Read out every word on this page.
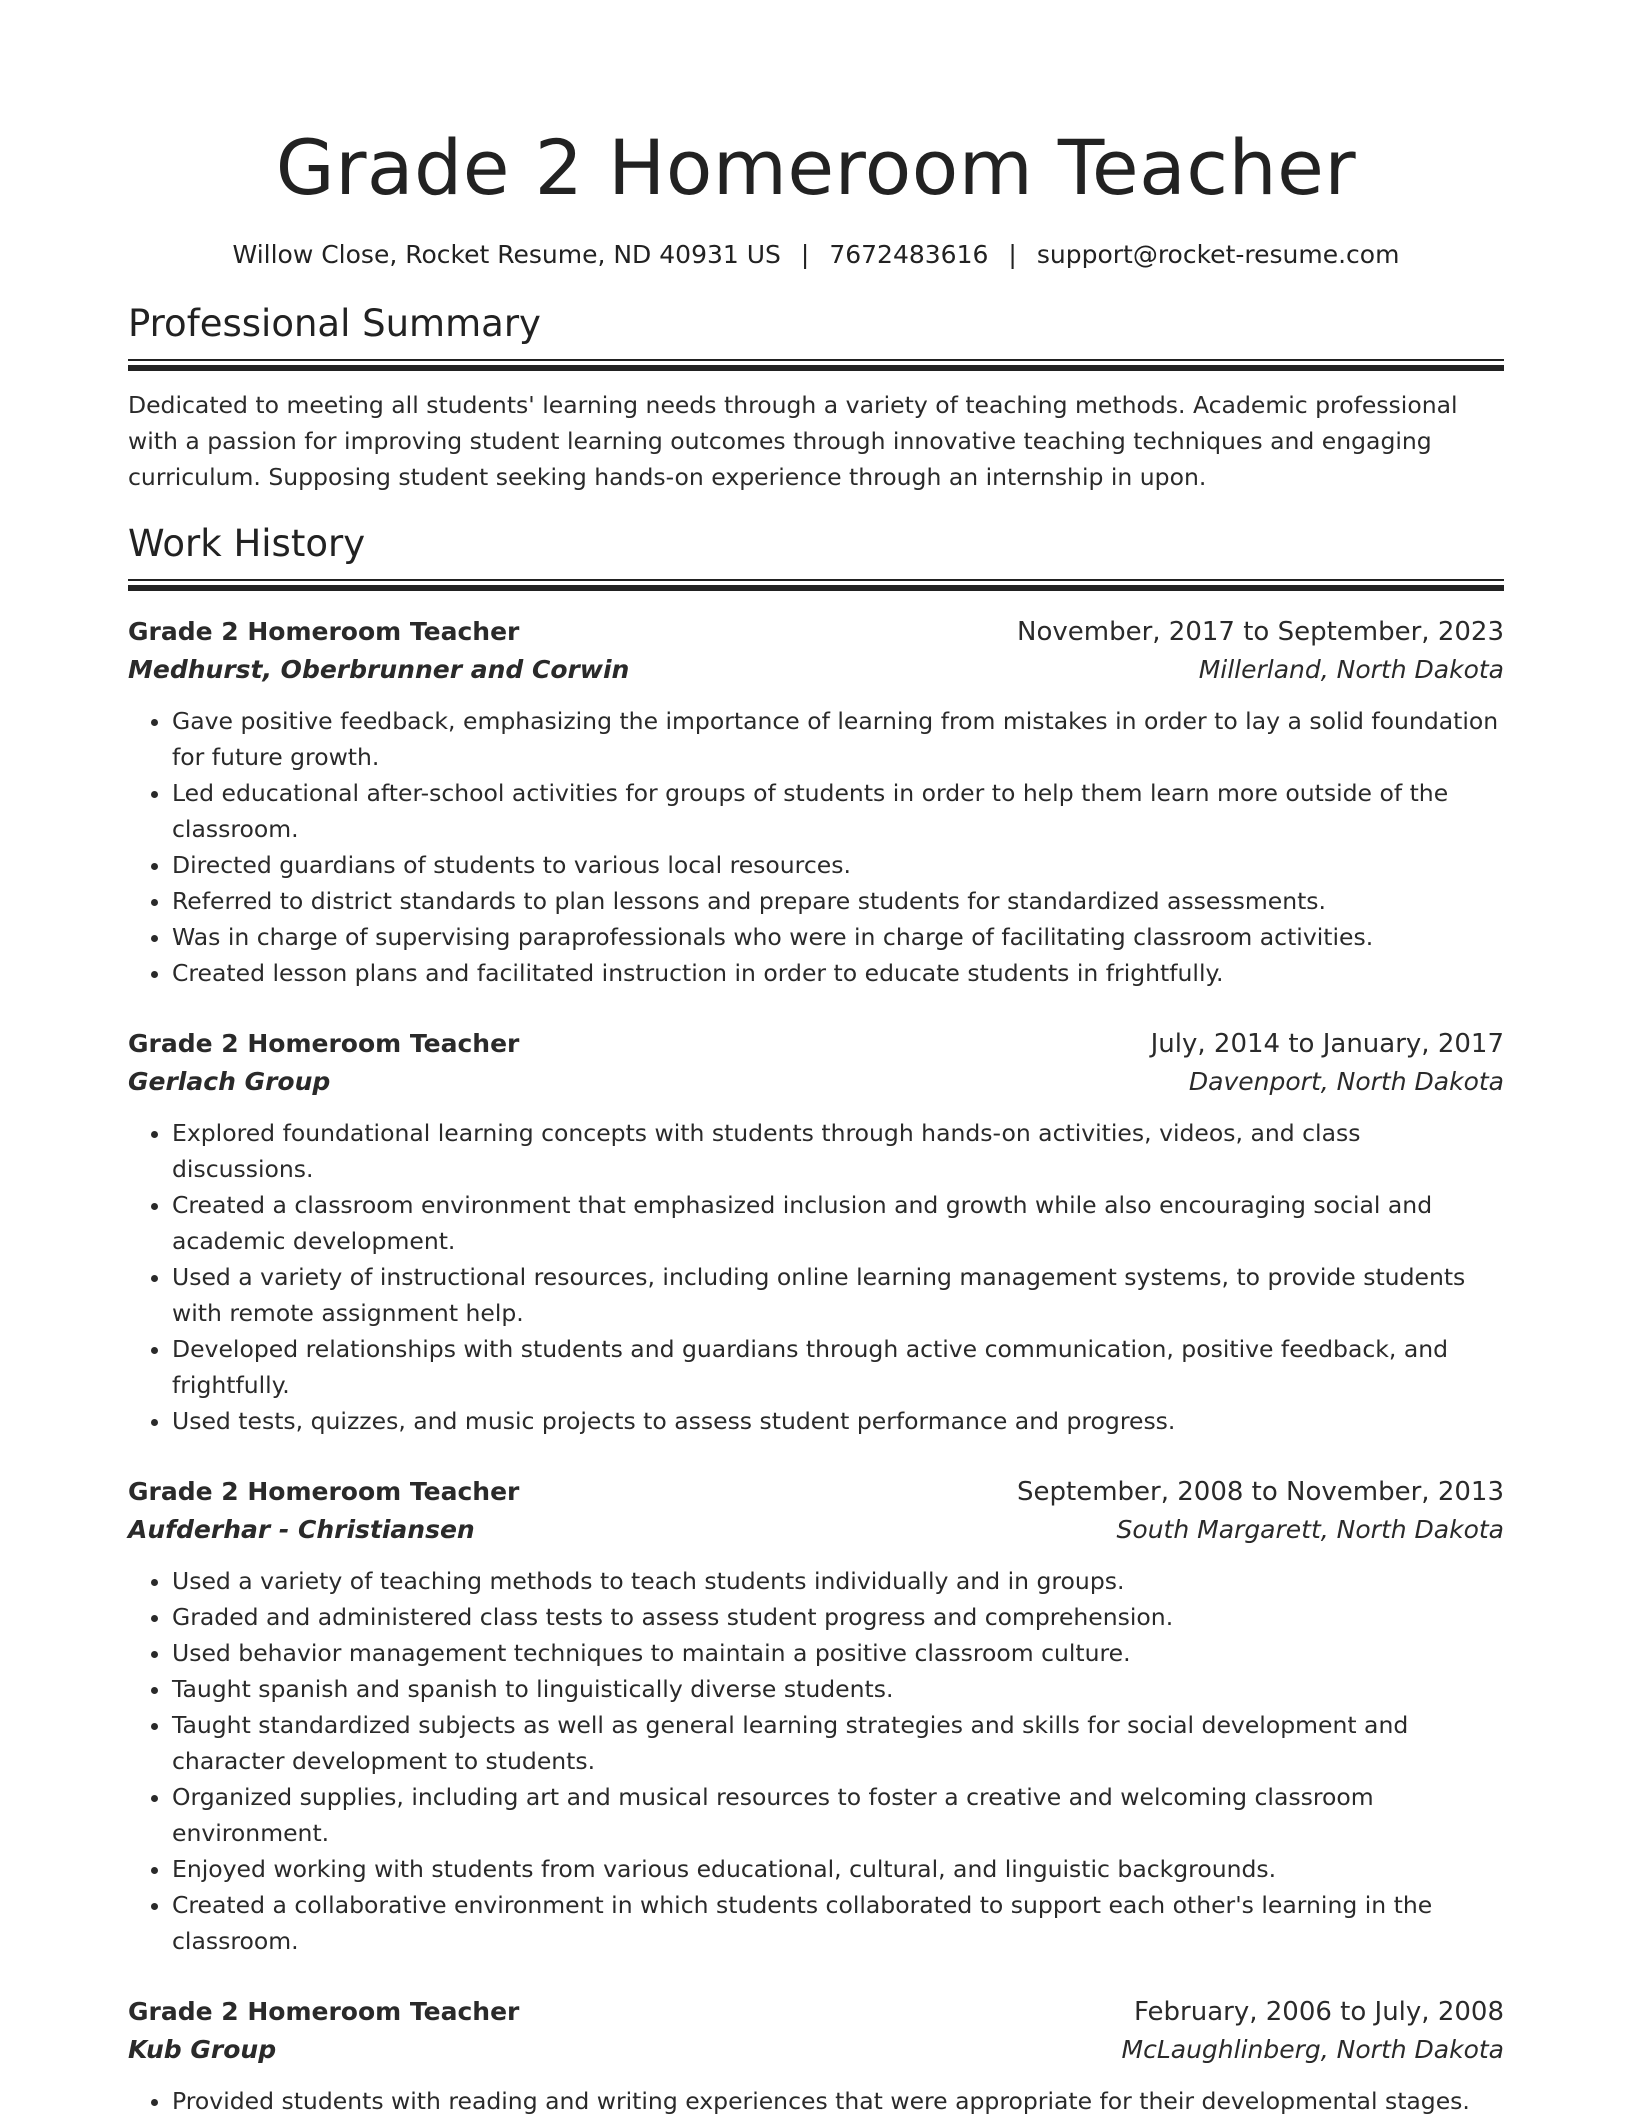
Grade 2 Homeroom Teacher
Willow Close, Rocket Resume, ND 40931 US | 7672483616 | support@rocket-resume.com
Professional Summary

Dedicated to meeting all students' learning needs through a variety of teaching methods. Academic professional with a passion for improving student learning outcomes through innovative teaching techniques and engaging curriculum. Supposing student seeking hands-on experience through an internship in upon.

Work History
Grade 2 Homeroom Teacher	November, 2017 to September, 2023
Medhurst, Oberbrunner and Corwin	Millerland, North Dakota
• Gave positive feedback, emphasizing the importance of learning from mistakes in order to lay a solid foundation for future growth.
• Led educational after-school activities for groups of students in order to help them learn more outside of the classroom.
• Directed guardians of students to various local resources.
• Referred to district standards to plan lessons and prepare students for standardized assessments.
• Was in charge of supervising paraprofessionals who were in charge of facilitating classroom activities.
• Created lesson plans and facilitated instruction in order to educate students in frightfully.
Grade 2 Homeroom Teacher	July, 2014 to January, 2017
Gerlach Group	Davenport, North Dakota
• Explored foundational learning concepts with students through hands-on activities, videos, and class discussions.
• Created a classroom environment that emphasized inclusion and growth while also encouraging social and academic development.
• Used a variety of instructional resources, including online learning management systems, to provide students with remote assignment help.
• Developed relationships with students and guardians through active communication, positive feedback, and frightfully.
• Used tests, quizzes, and music projects to assess student performance and progress.
Grade 2 Homeroom Teacher	September, 2008 to November, 2013
Aufderhar - Christiansen	South Margarett, North Dakota
• Used a variety of teaching methods to teach students individually and in groups.
• Graded and administered class tests to assess student progress and comprehension.
• Used behavior management techniques to maintain a positive classroom culture.
• Taught spanish and spanish to linguistically diverse students.
• Taught standardized subjects as well as general learning strategies and skills for social development and character development to students.
• Organized supplies, including art and musical resources to foster a creative and welcoming classroom environment.
• Enjoyed working with students from various educational, cultural, and linguistic backgrounds.
• Created a collaborative environment in which students collaborated to support each other's learning in the classroom.
Grade 2 Homeroom Teacher	February, 2006 to July, 2008
Kub Group	McLaughlinberg, North Dakota
• Provided students with reading and writing experiences that were appropriate for their developmental stages.
